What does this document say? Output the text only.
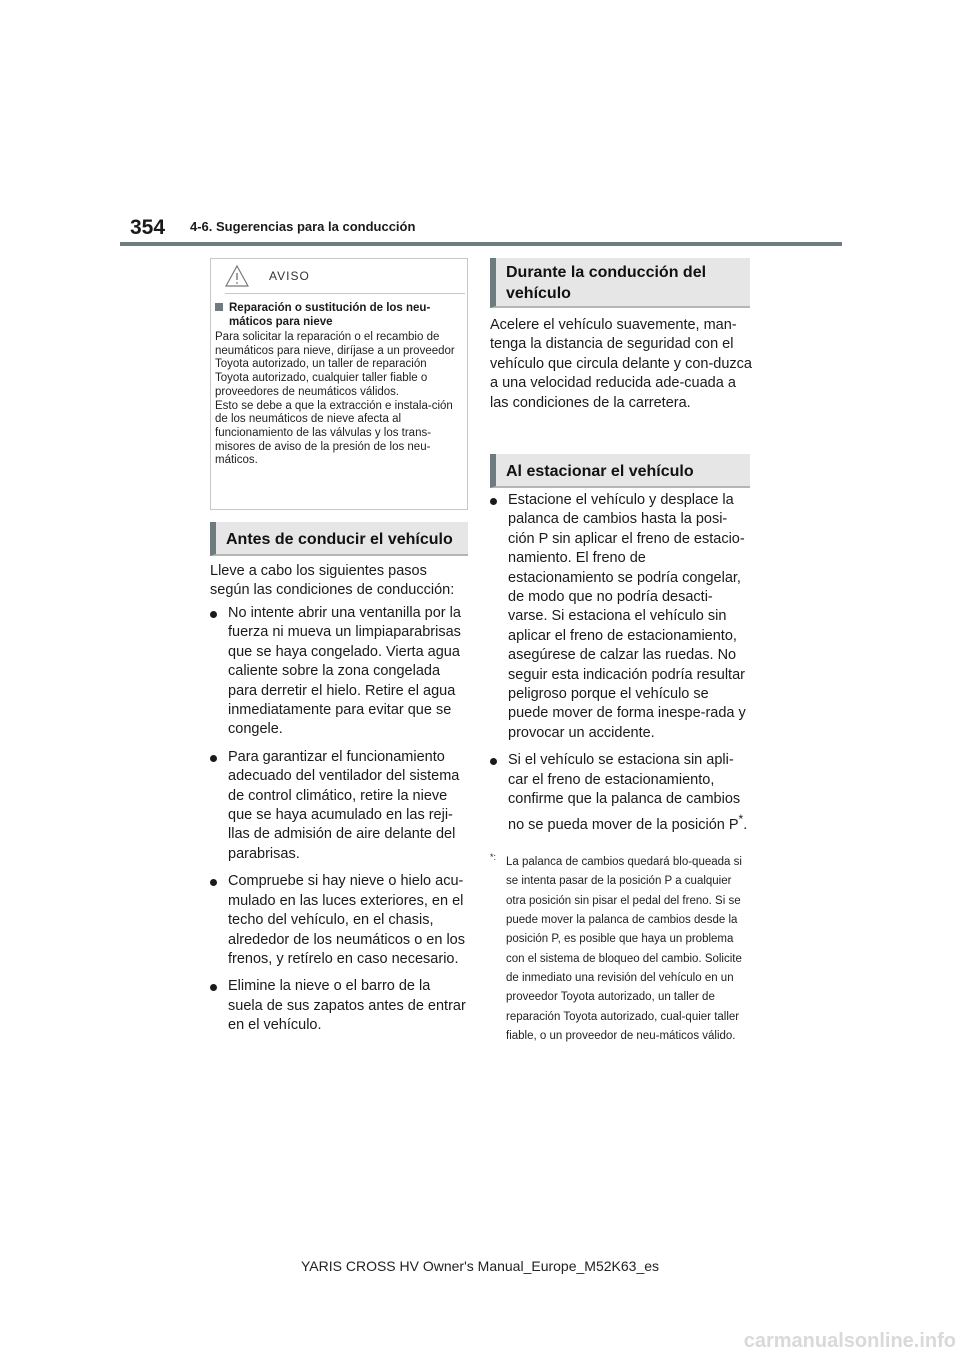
354 4-6. Sugerencias para la conducción
AVISO
Reparación o sustitución de los neu-máticos para nieve

Para solicitar la reparación o el recambio de neumáticos para nieve, diríjase a un proveedor Toyota autorizado, un taller de reparación Toyota autorizado, cualquier taller fiable o proveedores de neumáticos válidos.

Esto se debe a que la extracción e instala-ción de los neumáticos de nieve afecta al funcionamiento de las válvulas y los trans-misores de aviso de la presión de los neu-máticos.

Antes de conducir el vehículo

Lleve a cabo los siguientes pasos según las condiciones de conducción:

No intente abrir una ventanilla por la fuerza ni mueva un limpiaparabrisas que se haya congelado. Vierta agua caliente sobre la zona congelada para derretir el hielo. Retire el agua inmediatamente para evitar que se congele.
Para garantizar el funcionamiento adecuado del ventilador del sistema de control climático, retire la nieve que se haya acumulado en las reji-llas de admisión de aire delante del parabrisas.
Compruebe si hay nieve o hielo acu-mulado en las luces exteriores, en el techo del vehículo, en el chasis, alrededor de los neumáticos o en los frenos, y retírelo en caso necesario.
Elimine la nieve o el barro de la suela de sus zapatos antes de entrar en el vehículo.
Durante la conducción del vehículo

Acelere el vehículo suavemente, man-tenga la distancia de seguridad con el vehículo que circula delante y con-duzca a una velocidad reducida ade-cuada a las condiciones de la carretera.

Al estacionar el vehículo
Estacione el vehículo y desplace la palanca de cambios hasta la posi-ción P sin aplicar el freno de estacio-namiento. El freno de estacionamiento se podría congelar, de modo que no podría desacti-varse. Si estaciona el vehículo sin aplicar el freno de estacionamiento, asegúrese de calzar las ruedas. No seguir esta indicación podría resultar peligroso porque el vehículo se puede mover de forma inespe-rada y provocar un accidente.
Si el vehículo se estaciona sin apli-car el freno de estacionamiento, confirme que la palanca de cambios no se pueda mover de la posición P*.
*: La palanca de cambios quedará blo-queada si se intenta pasar de la posición P a cualquier otra posición sin pisar el pedal del freno. Si se puede mover la palanca de cambios desde la posición P, es posible que haya un problema con el sistema de bloqueo del cambio. Solicite de inmediato una revisión del vehículo en un proveedor Toyota autorizado, un taller de reparación Toyota autorizado, cual-quier taller fiable, o un proveedor de neu-máticos válido.
YARIS CROSS HV Owner's Manual_Europe_M52K63_es
carmanualsonline.info
